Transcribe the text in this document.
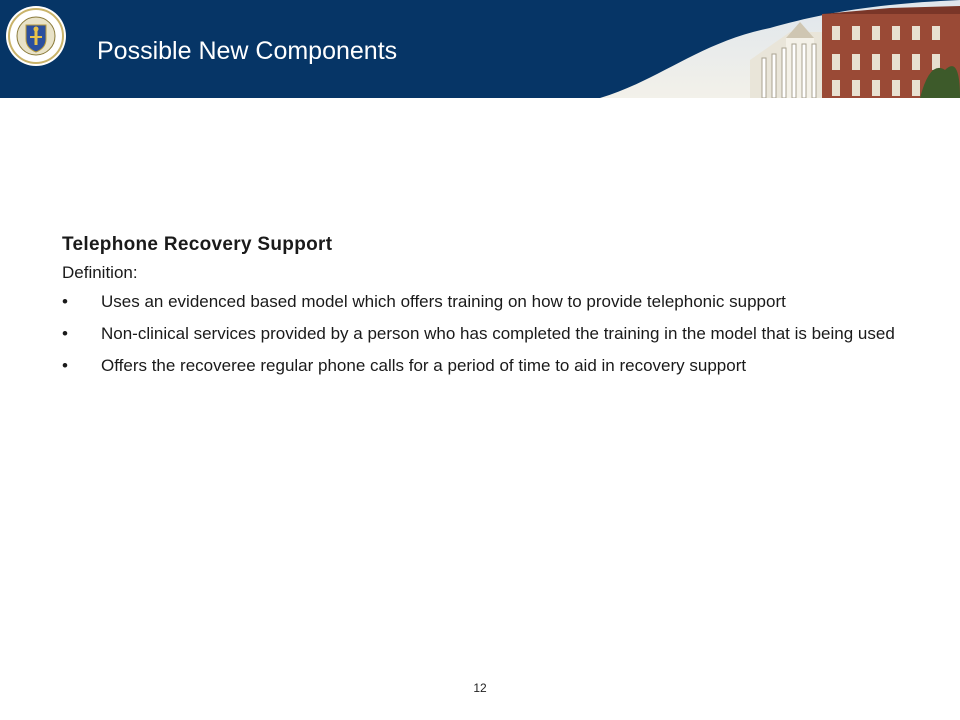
Possible New Components
Telephone Recovery Support

Definition:

• Uses an evidenced based model which offers training on how to provide telephonic support
• Non-clinical services provided by a person who has completed the training in the model that is being used
• Offers the recoveree regular phone calls for a period of time to aid in recovery support
12
